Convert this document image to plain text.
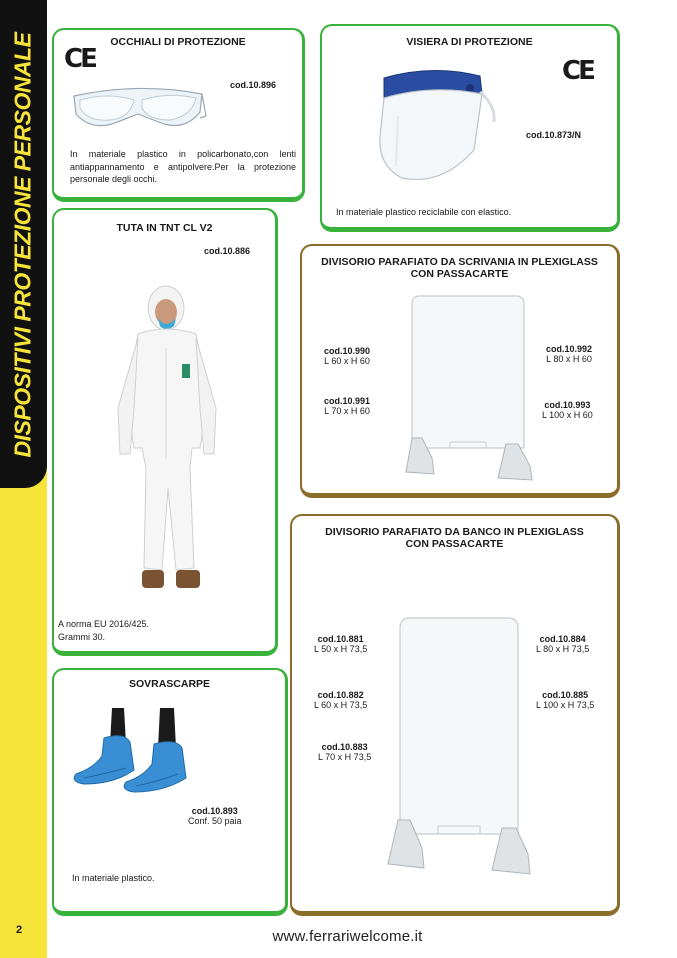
DISPOSITIVI PROTEZIONE PERSONALE
2	www.ferrariwelcome.it
OCCHIALI DI PROTEZIONE
CE
cod.10.896
In materiale plastico in policarbonato,con lenti antiappannamento e antipolvere.Per la protezione personale degli occhi.
VISIERA DI PROTEZIONE
CE
cod.10.873/N
In materiale plastico reciclabile con elastico.
TUTA IN TNT CL V2
cod.10.886
A norma EU 2016/425.
Grammi 30.
SOVRASCARPE
cod.10.893
Conf. 50 paia
In materiale plastico.
DIVISORIO PARAFIATO DA SCRIVANIA IN PLEXIGLASS
CON PASSACARTE
cod.10.990
L 60 x H 60
cod.10.991
L 70 x H 60
cod.10.992
L 80 x H 60
cod.10.993
L 100 x H 60
DIVISORIO PARAFIATO DA BANCO IN PLEXIGLASS
CON PASSACARTE
cod.10.881
L 50 x H 73,5
cod.10.882
L 60 x H 73,5
cod.10.883
L 70 x H 73,5
cod.10.884
L 80 x H 73,5
cod.10.885
L 100 x H 73,5
